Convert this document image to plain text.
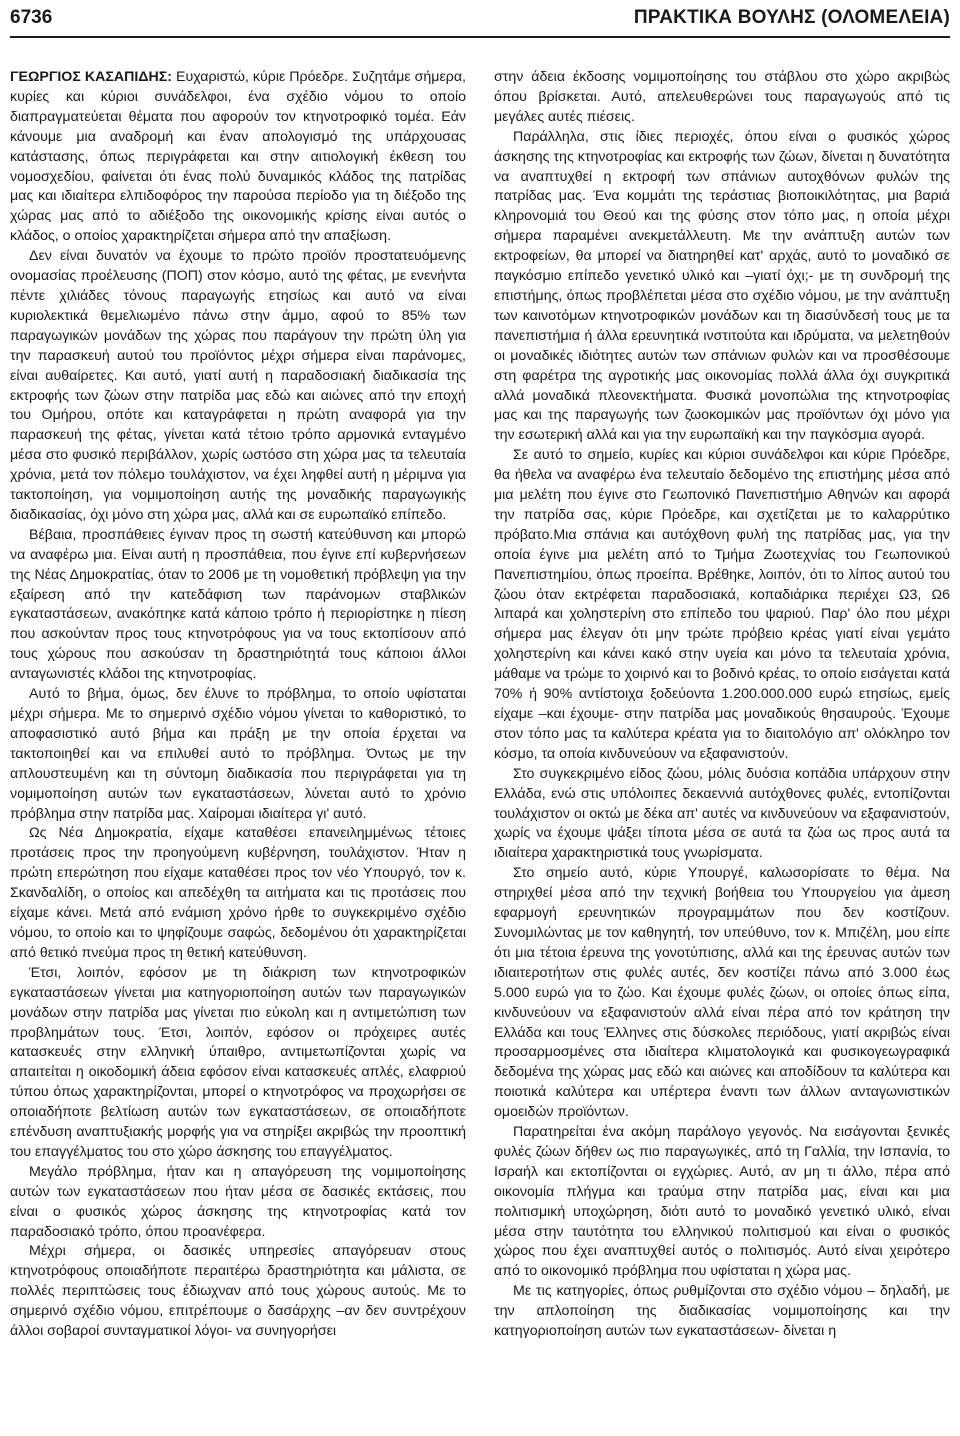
6736	ΠΡΑΚΤΙΚΑ ΒΟΥΛΗΣ (ΟΛΟΜΕΛΕΙΑ)

ΓΕΩΡΓΙΟΣ ΚΑΣΑΠΙΔΗΣ: Ευχαριστώ, κύριε Πρόεδρε. Συζητάμε σήμερα, κυρίες και κύριοι συνάδελφοι, ένα σχέδιο νόμου το οποίο διαπραγματεύεται θέματα που αφορούν τον κτηνοτροφικό τομέα. Εάν κάνουμε μια αναδρομή και έναν απολογισμό της υπάρχουσας κατάστασης, όπως περιγράφεται και στην αιτιολογική έκθεση του νομοσχεδίου, φαίνεται ότι ένας πολύ δυναμικός κλάδος της πατρίδας μας και ιδιαίτερα ελπιδοφόρος την παρούσα περίοδο για τη διέξοδο της χώρας μας από το αδιέξοδο της οικονομικής κρίσης είναι αυτός ο κλάδος, ο οποίος χαρακτηρίζεται σήμερα από την απαξίωση.

Δεν είναι δυνατόν να έχουμε το πρώτο προϊόν προστατευόμενης ονομασίας προέλευσης (ΠΟΠ) στον κόσμο, αυτό της φέτας, με ενενήντα πέντε χιλιάδες τόνους παραγωγής ετησίως και αυτό να είναι κυριολεκτικά θεμελιωμένο πάνω στην άμμο, αφού το 85% των παραγωγικών μονάδων της χώρας που παράγουν την πρώτη ύλη για την παρασκευή αυτού του προϊόντος μέχρι σήμερα είναι παράνομες, είναι αυθαίρετες. Και αυτό, γιατί αυτή η παραδοσιακή διαδικασία της εκτροφής των ζώων στην πατρίδα μας εδώ και αιώνες από την εποχή του Ομήρου, οπότε και καταγράφεται η πρώτη αναφορά για την παρασκευή της φέτας, γίνεται κατά τέτοιο τρόπο αρμονικά ενταγμένο μέσα στο φυσικό περιβάλλον, χωρίς ωστόσο στη χώρα μας τα τελευταία χρόνια, μετά τον πόλεμο τουλάχιστον, να έχει ληφθεί αυτή η μέριμνα για τακτοποίηση, για νομιμοποίηση αυτής της μοναδικής παραγωγικής διαδικασίας, όχι μόνο στη χώρα μας, αλλά και σε ευρωπαϊκό επίπεδο.

Βέβαια, προσπάθειες έγιναν προς τη σωστή κατεύθυνση και μπορώ να αναφέρω μια. Είναι αυτή η προσπάθεια, που έγινε επί κυβερνήσεων της Νέας Δημοκρατίας, όταν το 2006 με τη νομοθετική πρόβλεψη για την εξαίρεση από την κατεδάφιση των παράνομων σταβλικών εγκαταστάσεων, ανακόπηκε κατά κάποιο τρόπο ή περιορίστηκε η πίεση που ασκούνταν προς τους κτηνοτρόφους για να τους εκτοπίσουν από τους χώρους που ασκούσαν τη δραστηριότητά τους κάποιοι άλλοι ανταγωνιστές κλάδοι της κτηνοτροφίας.

Αυτό το βήμα, όμως, δεν έλυνε το πρόβλημα, το οποίο υφίσταται μέχρι σήμερα. Με το σημερινό σχέδιο νόμου γίνεται το καθοριστικό, το αποφασιστικό αυτό βήμα και πράξη με την οποία έρχεται να τακτοποιηθεί και να επιλυθεί αυτό το πρόβλημα. Όντως με την απλουστευμένη και τη σύντομη διαδικασία που περιγράφεται για τη νομιμοποίηση αυτών των εγκαταστάσεων, λύνεται αυτό το χρόνιο πρόβλημα στην πατρίδα μας. Χαίρομαι ιδιαίτερα γι' αυτό.

Ως Νέα Δημοκρατία, είχαμε καταθέσει επανειλημμένως τέτοιες προτάσεις προς την προηγούμενη κυβέρνηση, τουλάχιστον. Ήταν η πρώτη επερώτηση που είχαμε καταθέσει προς τον νέο Υπουργό, τον κ. Σκανδαλίδη, ο οποίος και απεδέχθη τα αιτήματα και τις προτάσεις που είχαμε κάνει. Μετά από ενάμιση χρόνο ήρθε το συγκεκριμένο σχέδιο νόμου, το οποίο και το ψηφίζουμε σαφώς, δεδομένου ότι χαρακτηρίζεται από θετικό πνεύμα προς τη θετική κατεύθυνση.

Έτσι, λοιπόν, εφόσον με τη διάκριση των κτηνοτροφικών εγκαταστάσεων γίνεται μια κατηγοριοποίηση αυτών των παραγωγικών μονάδων στην πατρίδα μας γίνεται πιο εύκολη και η αντιμετώπιση των προβλημάτων τους. Έτσι, λοιπόν, εφόσον οι πρόχειρες αυτές κατασκευές στην ελληνική ύπαιθρο, αντιμετωπίζονται χωρίς να απαιτείται η οικοδομική άδεια εφόσον είναι κατασκευές απλές, ελαφριού τύπου όπως χαρακτηρίζονται, μπορεί ο κτηνοτρόφος να προχωρήσει σε οποιαδήποτε βελτίωση αυτών των εγκαταστάσεων, σε οποιαδήποτε επένδυση αναπτυξιακής μορφής για να στηρίξει ακριβώς την προοπτική του επαγγέλματος του στο χώρο άσκησης του επαγγέλματος.

Μεγάλο πρόβλημα, ήταν και η απαγόρευση της νομιμοποίησης αυτών των εγκαταστάσεων που ήταν μέσα σε δασικές εκτάσεις, που είναι ο φυσικός χώρος άσκησης της κτηνοτροφίας κατά τον παραδοσιακό τρόπο, όπου προανέφερα.

Μέχρι σήμερα, οι δασικές υπηρεσίες απαγόρευαν στους κτηνοτρόφους οποιαδήποτε περαιτέρω δραστηριότητα και μάλιστα, σε πολλές περιπτώσεις τους έδιωχναν από τους χώρους αυτούς. Με το σημερινό σχέδιο νόμου, επιτρέπουμε ο δασάρχης –αν δεν συντρέχουν άλλοι σοβαροί συνταγματικοί λόγοι- να συνηγορήσει

στην άδεια έκδοσης νομιμοποίησης του στάβλου στο χώρο ακριβώς όπου βρίσκεται. Αυτό, απελευθερώνει τους παραγωγούς από τις μεγάλες αυτές πιέσεις.

Παράλληλα, στις ίδιες περιοχές, όπου είναι ο φυσικός χώρος άσκησης της κτηνοτροφίας και εκτροφής των ζώων, δίνεται η δυνατότητα να αναπτυχθεί η εκτροφή των σπάνιων αυτοχθόνων φυλών της πατρίδας μας. Ένα κομμάτι της τεράστιας βιοποικιλότητας, μια βαριά κληρονομιά του Θεού και της φύσης στον τόπο μας, η οποία μέχρι σήμερα παραμένει ανεκμετάλλευτη. Με την ανάπτυξη αυτών των εκτροφείων, θα μπορεί να διατηρηθεί κατ' αρχάς, αυτό το μοναδικό σε παγκόσμιο επίπεδο γενετικό υλικό και –γιατί όχι;- με τη συνδρομή της επιστήμης, όπως προβλέπεται μέσα στο σχέδιο νόμου, με την ανάπτυξη των καινοτόμων κτηνοτροφικών μονάδων και τη διασύνδεσή τους με τα πανεπιστήμια ή άλλα ερευνητικά ινστιτούτα και ιδρύματα, να μελετηθούν οι μοναδικές ιδιότητες αυτών των σπάνιων φυλών και να προσθέσουμε στη φαρέτρα της αγροτικής μας οικονομίας πολλά άλλα όχι συγκριτικά αλλά μοναδικά πλεονεκτήματα. Φυσικά μονοπώλια της κτηνοτροφίας μας και της παραγωγής των ζωοκομικών μας προϊόντων όχι μόνο για την εσωτερική αλλά και για την ευρωπαϊκή και την παγκόσμια αγορά.

Σε αυτό το σημείο, κυρίες και κύριοι συνάδελφοι και κύριε Πρόεδρε, θα ήθελα να αναφέρω ένα τελευταίο δεδομένο της επιστήμης μέσα από μια μελέτη που έγινε στο Γεωπονικό Πανεπιστήμιο Αθηνών και αφορά την πατρίδα σας, κύριε Πρόεδρε, και σχετίζεται με το καλαρρύτικο πρόβατο.Μια σπάνια και αυτόχθονη φυλή της πατρίδας μας, για την οποία έγινε μια μελέτη από το Τμήμα Ζωοτεχνίας του Γεωπονικού Πανεπιστημίου, όπως προείπα. Βρέθηκε, λοιπόν, ότι το λίπος αυτού του ζώου όταν εκτρέφεται παραδοσιακά, κοπαδιάρικα περιέχει Ω3, Ω6 λιπαρά και χοληστερίνη στο επίπεδο του ψαριού. Παρ' όλο που μέχρι σήμερα μας έλεγαν ότι μην τρώτε πρόβειο κρέας γιατί είναι γεμάτο χοληστερίνη και κάνει κακό στην υγεία και μόνο τα τελευταία χρόνια, μάθαμε να τρώμε το χοιρινό και το βοδινό κρέας, το οποίο εισάγεται κατά 70% ή 90% αντίστοιχα ξοδεύοντα 1.200.000.000 ευρώ ετησίως, εμείς είχαμε –και έχουμε- στην πατρίδα μας μοναδικούς θησαυρούς. Έχουμε στον τόπο μας τα καλύτερα κρέατα για το διαιτολόγιο απ' ολόκληρο τον κόσμο, τα οποία κινδυνεύουν να εξαφανιστούν.

Στο συγκεκριμένο είδος ζώου, μόλις δυόσια κοπάδια υπάρχουν στην Ελλάδα, ενώ στις υπόλοιπες δεκαεννιά αυτόχθονες φυλές, εντοπίζονται τουλάχιστον οι οκτώ με δέκα απ' αυτές να κινδυνεύουν να εξαφανιστούν, χωρίς να έχουμε ψάξει τίποτα μέσα σε αυτά τα ζώα ως προς αυτά τα ιδιαίτερα χαρακτηριστικά τους γνωρίσματα.

Στο σημείο αυτό, κύριε Υπουργέ, καλωσορίσατε το θέμα. Να στηριχθεί μέσα από την τεχνική βοήθεια του Υπουργείου για άμεση εφαρμογή ερευνητικών προγραμμάτων που δεν κοστίζουν. Συνομιλώντας με τον καθηγητή, τον υπεύθυνο, τον κ. Μπιζέλη, μου είπε ότι μια τέτοια έρευνα της γονοτύπισης, αλλά και της έρευνας αυτών των ιδιαιτεροτήτων στις φυλές αυτές, δεν κοστίζει πάνω από 3.000 έως 5.000 ευρώ για το ζώο. Και έχουμε φυλές ζώων, οι οποίες όπως είπα, κινδυνεύουν να εξαφανιστούν αλλά είναι πέρα από τον κράτηση την Ελλάδα και τους Έλληνες στις δύσκολες περιόδους, γιατί ακριβώς είναι προσαρμοσμένες στα ιδιαίτερα κλιματολογικά και φυσικογεωγραφικά δεδομένα της χώρας μας εδώ και αιώνες και αποδίδουν τα καλύτερα και ποιοτικά καλύτερα και υπέρτερα έναντι των άλλων ανταγωνιστικών ομοειδών προϊόντων.

Παρατηρείται ένα ακόμη παράλογο γεγονός. Να εισάγονται ξενικές φυλές ζώων δήθεν ως πιο παραγωγικές, από τη Γαλλία, την Ισπανία, το Ισραήλ και εκτοπίζονται οι εγχώριες. Αυτό, αν μη τι άλλο, πέρα από οικονομία πλήγμα και τραύμα στην πατρίδα μας, είναι και μια πολιτισμική υποχώρηση, διότι αυτό το μοναδικό γενετικό υλικό, είναι μέσα στην ταυτότητα του ελληνικού πολιτισμού και είναι ο φυσικός χώρος που έχει αναπτυχθεί αυτός ο πολιτισμός. Αυτό είναι χειρότερο από το οικονομικό πρόβλημα που υφίσταται η χώρα μας.

Με τις κατηγορίες, όπως ρυθμίζονται στο σχέδιο νόμου – δηλαδή, με την απλοποίηση της διαδικασίας νομιμοποίησης και την κατηγοριοποίηση αυτών των εγκαταστάσεων- δίνεται η
